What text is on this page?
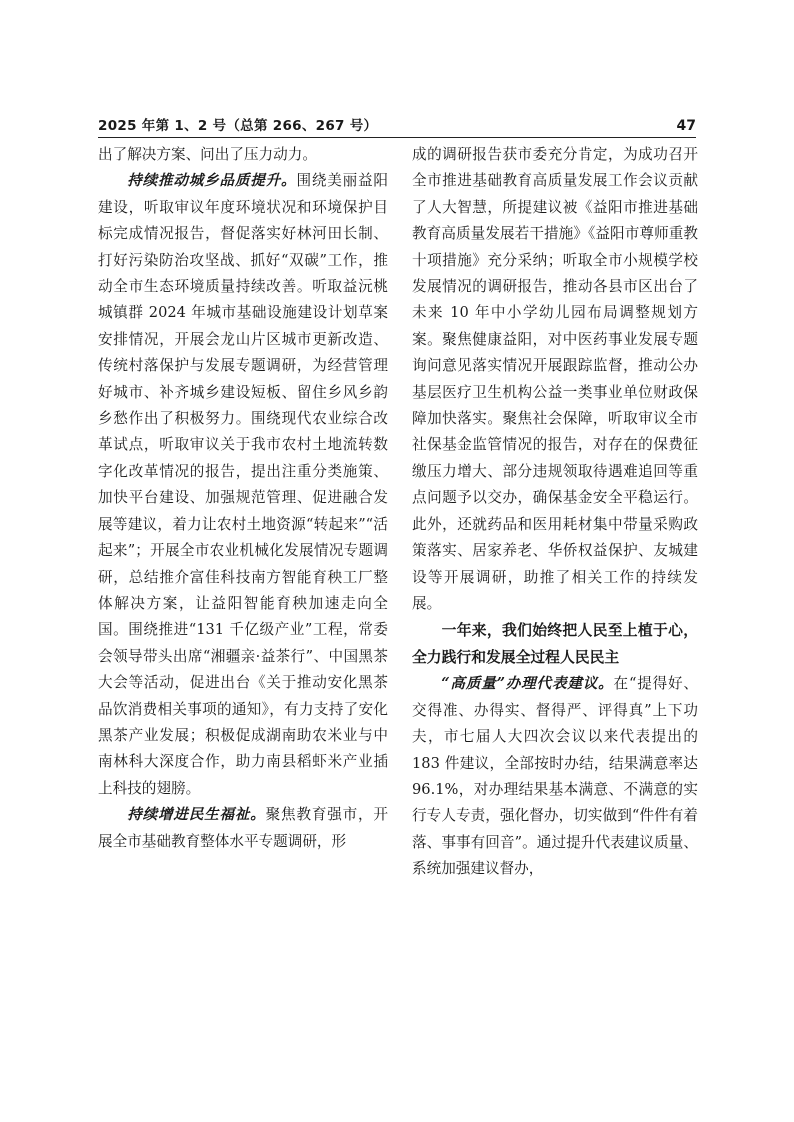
2025 年第 1、2 号（总第 266、267 号）	47

出了解决方案、问出了压力动力。

持续推动城乡品质提升。围绕美丽益阳建设，听取审议年度环境状况和环境保护目标完成情况报告，督促落实好林河田长制、打好污染防治攻坚战、抓好“双碳”工作，推动全市生态环境质量持续改善。听取益沅桃城镇群 2024 年城市基础设施建设计划草案安排情况，开展会龙山片区城市更新改造、传统村落保护与发展专题调研，为经营管理好城市、补齐城乡建设短板、留住乡风乡韵乡愁作出了积极努力。围绕现代农业综合改革试点，听取审议关于我市农村土地流转数字化改革情况的报告，提出注重分类施策、加快平台建设、加强规范管理、促进融合发展等建议，着力让农村土地资源“转起来”“活起来”；开展全市农业机械化发展情况专题调研，总结推介富佳科技南方智能育秧工厂整体解决方案，让益阳智能育秧加速走向全国。围绕推进“131 千亿级产业”工程，常委会领导带头出席“湘疆亲·益茶行”、中国黑茶大会等活动，促进出台《关于推动安化黑茶品饮消费相关事项的通知》，有力支持了安化黑茶产业发展；积极促成湖南助农米业与中南林科大深度合作，助力南县稻虾米产业插上科技的翅膀。

持续增进民生福祉。聚焦教育强市，开展全市基础教育整体水平专题调研，形

成的调研报告获市委充分肯定，为成功召开全市推进基础教育高质量发展工作会议贡献了人大智慧，所提建议被《益阳市推进基础教育高质量发展若干措施》《益阳市尊师重教十项措施》充分采纳；听取全市小规模学校发展情况的调研报告，推动各县市区出台了未来 10 年中小学幼儿园布局调整规划方案。聚焦健康益阳，对中医药事业发展专题询问意见落实情况开展跟踪监督，推动公办基层医疗卫生机构公益一类事业单位财政保障加快落实。聚焦社会保障，听取审议全市社保基金监管情况的报告，对存在的保费征缴压力增大、部分违规领取待遇难追回等重点问题予以交办，确保基金安全平稳运行。此外，还就药品和医用耗材集中带量采购政策落实、居家养老、华侨权益保护、友城建设等开展调研，助推了相关工作的持续发展。

一年来，我们始终把人民至上植于心，全力践行和发展全过程人民民主

“高质量”办理代表建议。在“提得好、交得准、办得实、督得严、评得真”上下功夫，市七届人大四次会议以来代表提出的 183 件建议，全部按时办结，结果满意率达 96.1%，对办理结果基本满意、不满意的实行专人专责，强化督办，切实做到“件件有着落、事事有回音”。通过提升代表建议质量、系统加强建议督办，
